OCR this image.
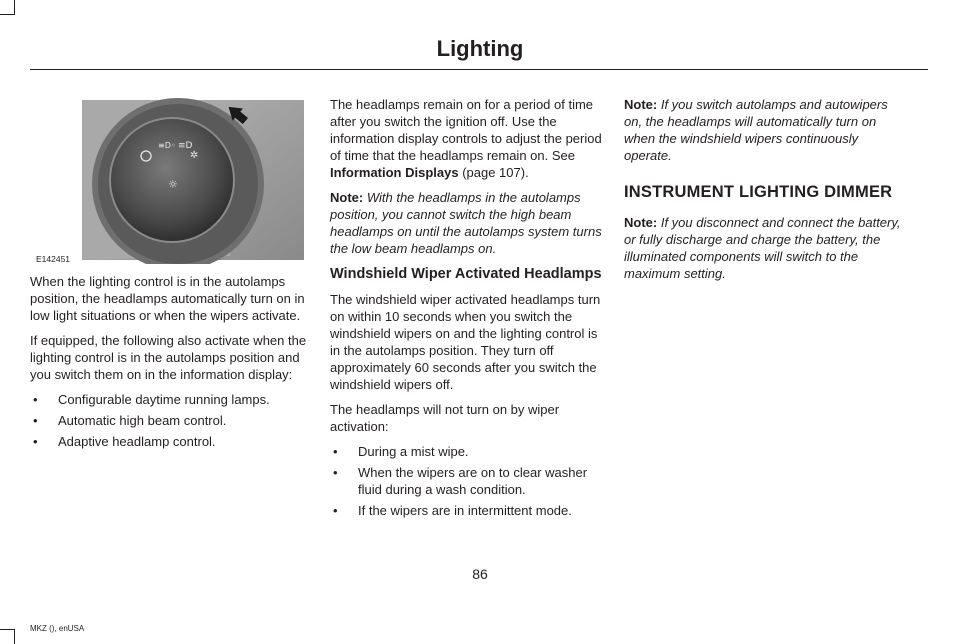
Lighting
≡D◦ ≡D
✲
☼
E142451

When the lighting control is in the autolamps position, the headlamps automatically turn on in low light situations or when the wipers activate.

If equipped, the following also activate when the lighting control is in the autolamps position and you switch them on in the information display:

• Configurable daytime running lamps.
• Automatic high beam control.
• Adaptive headlamp control.

The headlamps remain on for a period of time after you switch the ignition off. Use the information display controls to adjust the period of time that the headlamps remain on. See Information Displays (page 107).

Note: With the headlamps in the autolamps position, you cannot switch the high beam headlamps on until the autolamps system turns the low beam headlamps on.

Windshield Wiper Activated Headlamps

The windshield wiper activated headlamps turn on within 10 seconds when you switch the windshield wipers on and the lighting control is in the autolamps position. They turn off approximately 60 seconds after you switch the windshield wipers off.

The headlamps will not turn on by wiper activation:

• During a mist wipe.
• When the wipers are on to clear washer fluid during a wash condition.
• If the wipers are in intermittent mode.

Note: If you switch autolamps and autowipers on, the headlamps will automatically turn on when the windshield wipers continuously operate.

INSTRUMENT LIGHTING DIMMER

Note: If you disconnect and connect the battery, or fully discharge and charge the battery, the illuminated components will switch to the maximum setting.

86
MKZ (), enUSA
